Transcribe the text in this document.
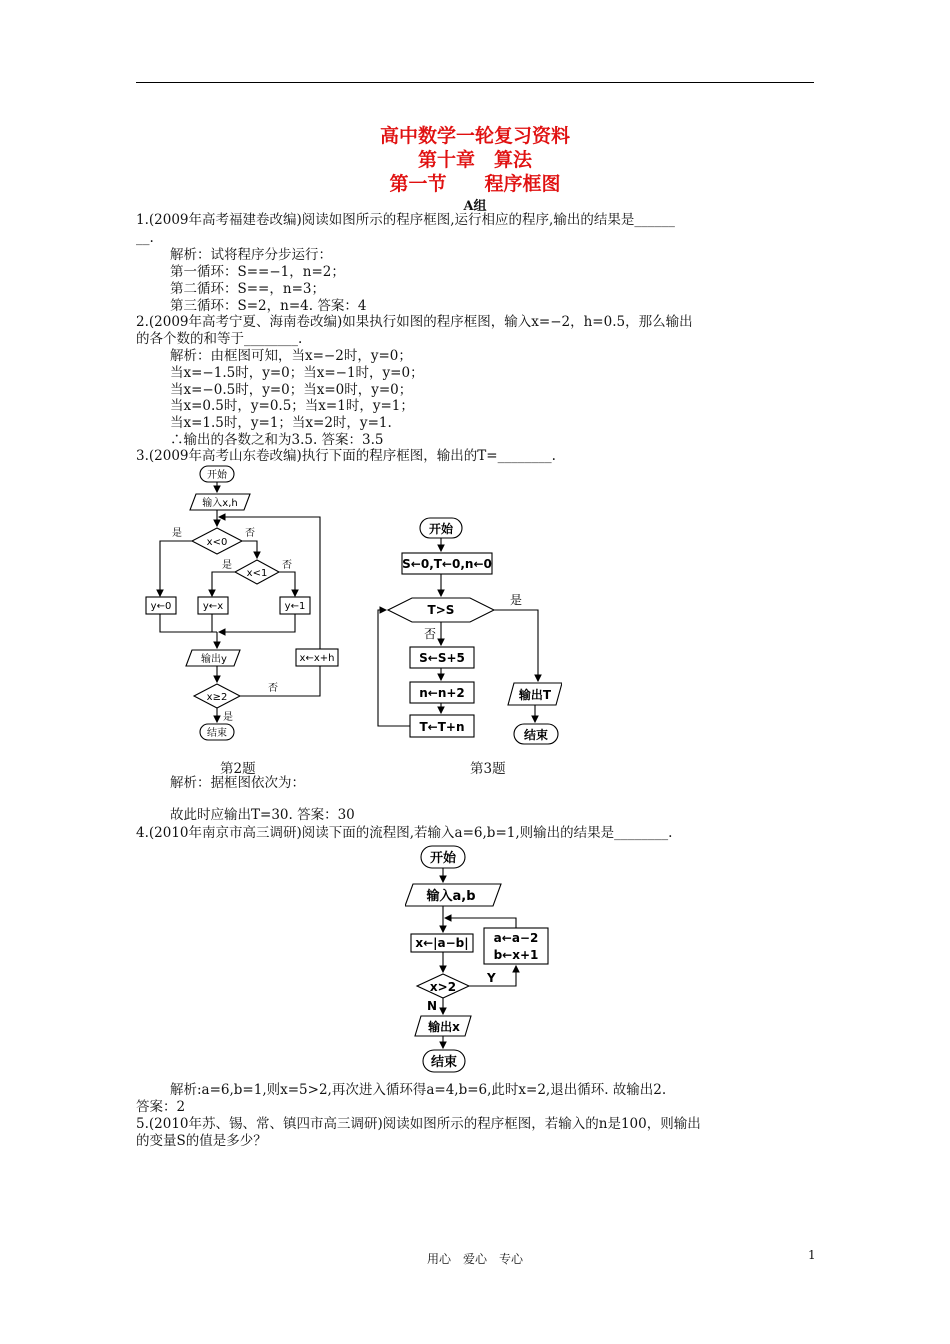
高中数学一轮复习资料
第十章　算法
第一节　　程序框图
A组
1.(2009年高考福建卷改编)阅读如图所示的程序框图,运行相应的程序,输出的结果是______
__.
解析：试将程序分步运行：
第一循环：S==−1，n=2；
第二循环：S==，n=3；
第三循环：S=2，n=4. 答案：4
2.(2009年高考宁夏、海南卷改编)如果执行如图的程序框图，输入x=−2，h=0.5，那么输出
的各个数的和等于________.
解析：由框图可知，当x=−2时，y=0；
当x=−1.5时，y=0；当x=−1时，y=0；
当x=−0.5时，y=0；当x=0时，y=0；
当x=0.5时，y=0.5；当x=1时，y=1；
当x=1.5时，y=1；当x=2时，y=1.
∴输出的各数之和为3.5. 答案：3.5
3.(2009年高考山东卷改编)执行下面的程序框图，输出的T=________.
开始
输入x,h
x<0
是	否
x<1
是	否
y←0	y←x	y←1
输出y	x←x+h
x≥2
否
是
结束
开始
S←0,T←0,n←0
T>S
是
否
S←S+5
n←n+2
T←T+n
输出T
结束
第2题	第3题
解析：据框图依次为：
故此时应输出T=30. 答案：30
4.(2010年南京市高三调研)阅读下面的流程图,若输入a=6,b=1,则输出的结果是________.
开始
输入a,b
x←|a−b| a←a−2
b←x+1
x>2
Y
N
输出x
结束
解析:a=6,b=1,则x=5>2,再次进入循环得a=4,b=6,此时x=2,退出循环. 故输出2.
答案：2
5.(2010年苏、锡、常、镇四市高三调研)阅读如图所示的程序框图，若输入的n是100，则输出
的变量S的值是多少？
用心　爱心　专心	1
